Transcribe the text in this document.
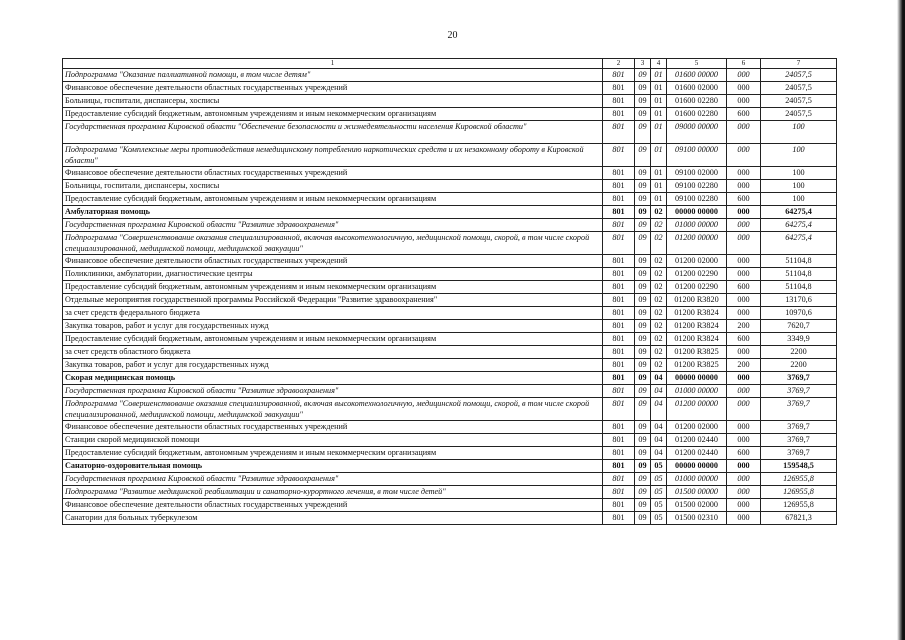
20
1	2	3	4	5	6	7
Подпрограмма "Оказание паллиативной помощи, в том числе детям"	801	09	01	01600 00000	000	24057,5
Финансовое обеспечение деятельности областных государственных учреждений	801	09	01	01600 02000	000	24057,5
Больницы, госпитали, диспансеры, хосписы	801	09	01	01600 02280	000	24057,5
Предоставление субсидий бюджетным, автономным учреждениям и иным некоммерческим организациям	801	09	01	01600 02280	600	24057,5
Государственная программа Кировской области "Обеспечение безопасности и жизнедеятельности населения Кировской области"	801	09	01	09000 00000	000	100
Подпрограмма "Комплексные меры противодействия немедицинскому потреблению наркотических средств и их незаконному обороту в Кировской области"	801	09	01	09100 00000	000	100
Финансовое обеспечение деятельности областных государственных учреждений	801	09	01	09100 02000	000	100
Больницы, госпитали, диспансеры, хосписы	801	09	01	09100 02280	000	100
Предоставление субсидий бюджетным, автономным учреждениям и иным некоммерческим организациям	801	09	01	09100 02280	600	100
Амбулаторная помощь	801	09	02	00000 00000	000	64275,4
Государственная программа Кировской области "Развитие здравоохранения"	801	09	02	01000 00000	000	64275,4
Подпрограмма "Совершенствование оказания специализированной, включая высокотехнологичную, медицинской помощи, скорой, в том числе скорой специализированной, медицинской помощи, медицинской эвакуации"	801	09	02	01200 00000	000	64275,4
Финансовое обеспечение деятельности областных государственных учреждений	801	09	02	01200 02000	000	51104,8
Поликлиники, амбулатории, диагностические центры	801	09	02	01200 02290	000	51104,8
Предоставление субсидий бюджетным, автономным учреждениям и иным некоммерческим организациям	801	09	02	01200 02290	600	51104,8
Отдельные мероприятия государственной программы Российской Федерации "Развитие здравоохранения"	801	09	02	01200 R3820	000	13170,6
за счет средств федерального бюджета	801	09	02	01200 R3824	000	10970,6
Закупка товаров, работ и услуг для государственных нужд	801	09	02	01200 R3824	200	7620,7
Предоставление субсидий бюджетным, автономным учреждениям и иным некоммерческим организациям	801	09	02	01200 R3824	600	3349,9
за счет средств областного бюджета	801	09	02	01200 R3825	000	2200
Закупка товаров, работ и услуг для государственных нужд	801	09	02	01200 R3825	200	2200
Скорая медицинская помощь	801	09	04	00000 00000	000	3769,7
Государственная программа Кировской области "Развитие здравоохранения"	801	09	04	01000 00000	000	3769,7
Подпрограмма "Совершенствование оказания специализированной, включая высокотехнологичную, медицинской помощи, скорой, в том числе скорой специализированной, медицинской помощи, медицинской эвакуации"	801	09	04	01200 00000	000	3769,7
Финансовое обеспечение деятельности областных государственных учреждений	801	09	04	01200 02000	000	3769,7
Станции скорой медицинской помощи	801	09	04	01200 02440	000	3769,7
Предоставление субсидий бюджетным, автономным учреждениям и иным некоммерческим организациям	801	09	04	01200 02440	600	3769,7
Санаторно-оздоровительная помощь	801	09	05	00000 00000	000	159548,5
Государственная программа Кировской области "Развитие здравоохранения"	801	09	05	01000 00000	000	126955,8
Подпрограмма "Развитие медицинской реабилитации и санаторно-курортного лечения, в том числе детей"	801	09	05	01500 00000	000	126955,8
Финансовое обеспечение деятельности областных государственных учреждений	801	09	05	01500 02000	000	126955,8
Санатории для больных туберкулезом	801	09	05	01500 02310	000	67821,3
